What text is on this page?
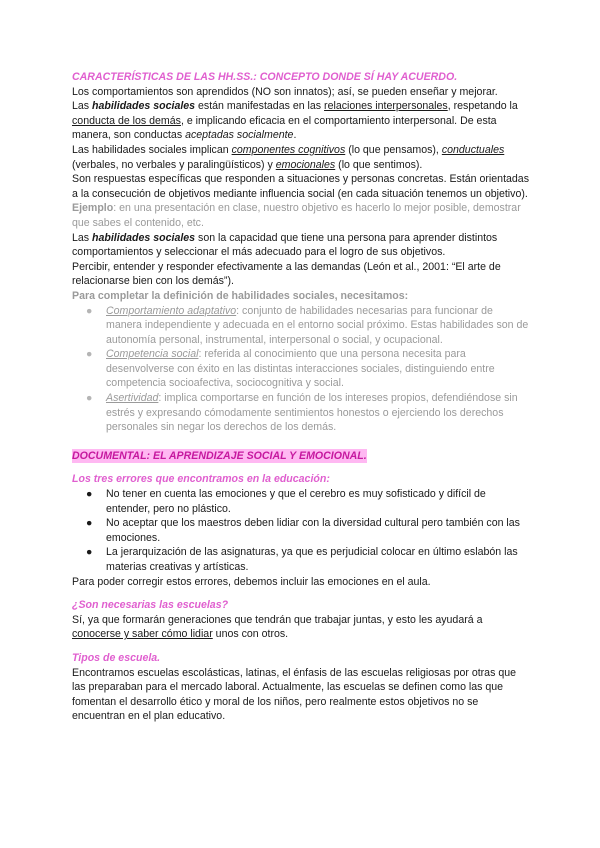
CARACTERÍSTICAS DE LAS HH.SS.: CONCEPTO DONDE SÍ HAY ACUERDO.

Los comportamientos son aprendidos (NO son innatos); así, se pueden enseñar y mejorar.

Las habilidades sociales están manifestadas en las relaciones interpersonales, respetando la conducta de los demás, e implicando eficacia en el comportamiento interpersonal. De esta manera, son conductas aceptadas socialmente.

Las habilidades sociales implican componentes cognitivos (lo que pensamos), conductuales (verbales, no verbales y paralingüísticos) y emocionales (lo que sentimos).

Son respuestas específicas que responden a situaciones y personas concretas. Están orientadas a la consecución de objetivos mediante influencia social (en cada situación tenemos un objetivo). Ejemplo: en una presentación en clase, nuestro objetivo es hacerlo lo mejor posible, demostrar que sabes el contenido, etc.

Las habilidades sociales son la capacidad que tiene una persona para aprender distintos comportamientos y seleccionar el más adecuado para el logro de sus objetivos.

Percibir, entender y responder efectivamente a las demandas (León et al., 2001: “El arte de relacionarse bien con los demás”).

Para completar la definición de habilidades sociales, necesitamos:

● Comportamiento adaptativo: conjunto de habilidades necesarias para funcionar de manera independiente y adecuada en el entorno social próximo. Estas habilidades son de autonomía personal, instrumental, interpersonal o social, y ocupacional.
● Competencia social: referida al conocimiento que una persona necesita para desenvolverse con éxito en las distintas interacciones sociales, distinguiendo entre competencia socioafectiva, sociocognitiva y social.
● Asertividad: implica comportarse en función de los intereses propios, defendiéndose sin estrés y expresando cómodamente sentimientos honestos o ejerciendo los derechos personales sin negar los derechos de los demás.

DOCUMENTAL: EL APRENDIZAJE SOCIAL Y EMOCIONAL.

Los tres errores que encontramos en la educación:

● No tener en cuenta las emociones y que el cerebro es muy sofisticado y difícil de entender, pero no plástico.
● No aceptar que los maestros deben lidiar con la diversidad cultural pero también con las emociones.
● La jerarquización de las asignaturas, ya que es perjudicial colocar en último eslabón las materias creativas y artísticas.

Para poder corregir estos errores, debemos incluir las emociones en el aula.

¿Son necesarias las escuelas?

Sí, ya que formarán generaciones que tendrán que trabajar juntas, y esto les ayudará a conocerse y saber cómo lidiar unos con otros.

Tipos de escuela.

Encontramos escuelas escolásticas, latinas, el énfasis de las escuelas religiosas por otras que las preparaban para el mercado laboral. Actualmente, las escuelas se definen como las que fomentan el desarrollo ético y moral de los niños, pero realmente estos objetivos no se encuentran en el plan educativo.
